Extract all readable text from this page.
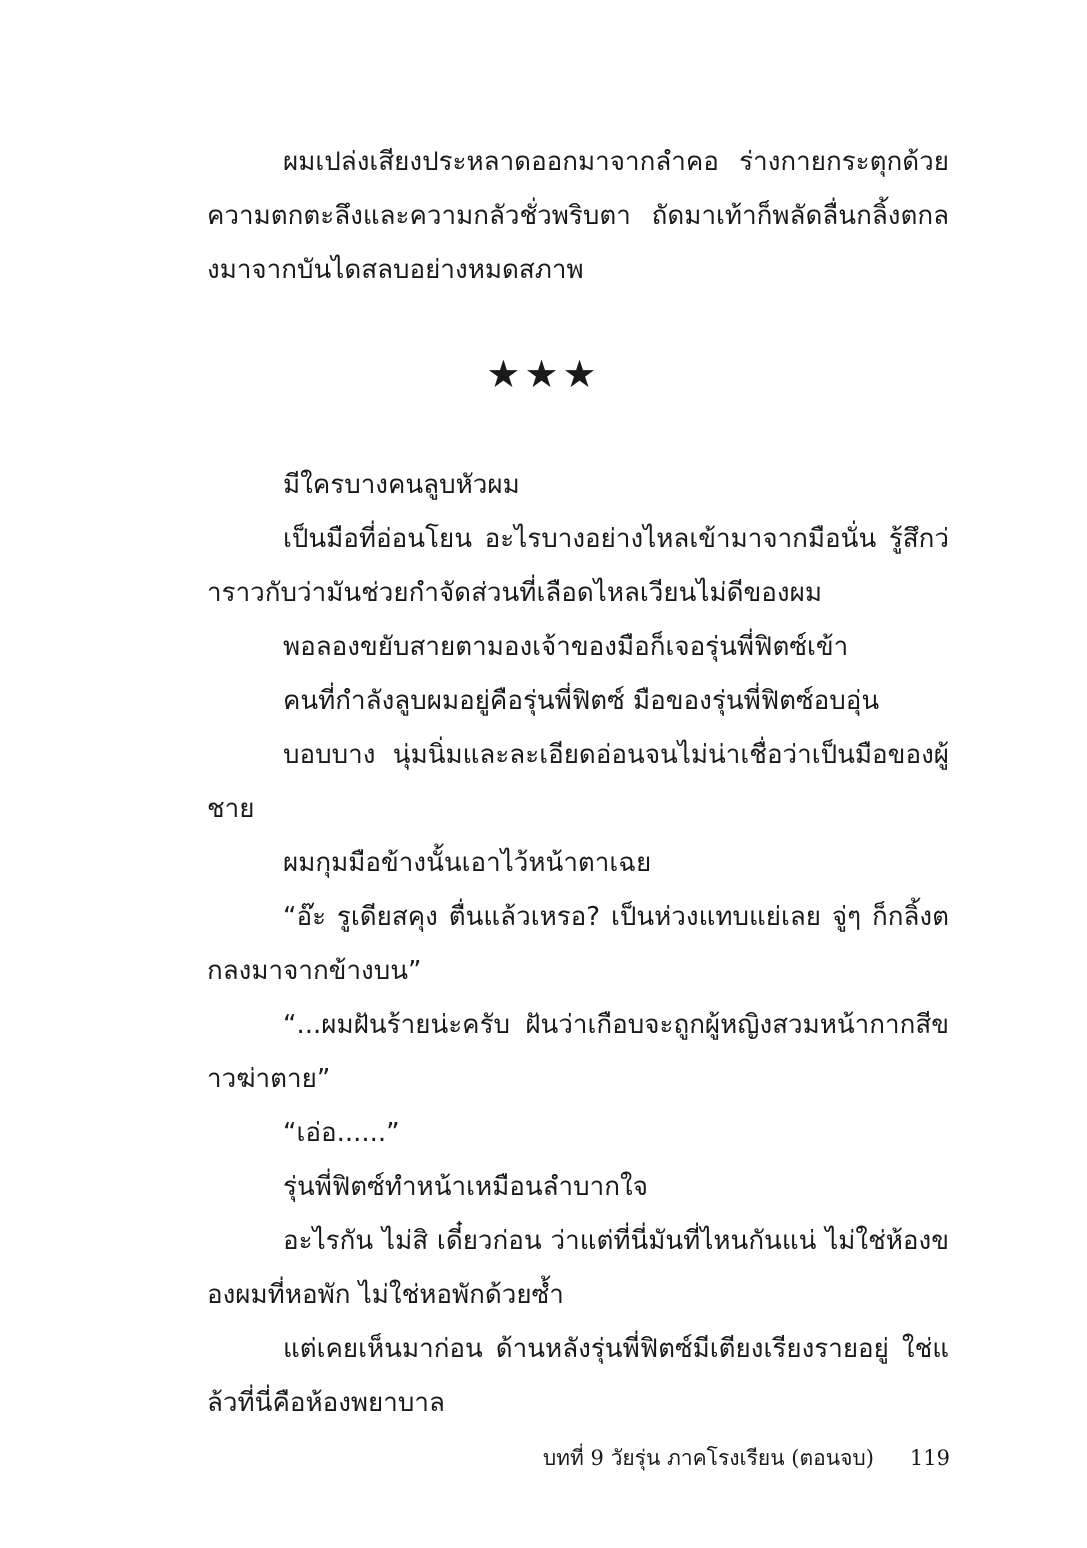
ผมเปล่งเสียงประหลาดออกมาจากลำคอ ร่างกายกระตุกด้วยความตกตะลึงและความกลัวชั่วพริบตา ถัดมาเท้าก็พลัดลื่นกลิ้งตกลงมาจากบันไดสลบอย่างหมดสภาพ

★★★

มีใครบางคนลูบหัวผม

เป็นมือที่อ่อนโยน อะไรบางอย่างไหลเข้ามาจากมือนั่น รู้สึกว่าราวกับว่ามันช่วยกำจัดส่วนที่เลือดไหลเวียนไม่ดีของผม

พอลองขยับสายตามองเจ้าของมือก็เจอรุ่นพี่ฟิตซ์เข้า

คนที่กำลังลูบผมอยู่คือรุ่นพี่ฟิตซ์ มือของรุ่นพี่ฟิตซ์อบอุ่น

บอบบาง นุ่มนิ่มและละเอียดอ่อนจนไม่น่าเชื่อว่าเป็นมือของผู้ชาย

ผมกุมมือข้างนั้นเอาไว้หน้าตาเฉย

“อ๊ะ รูเดียสคุง ตื่นแล้วเหรอ? เป็นห่วงแทบแย่เลย จู่ๆ ก็กลิ้งตกลงมาจากข้างบน”

“...ผมฝันร้ายน่ะครับ ฝันว่าเกือบจะถูกผู้หญิงสวมหน้ากากสีขาวฆ่าตาย”

“เอ่อ......”

รุ่นพี่ฟิตซ์ทำหน้าเหมือนลำบากใจ

อะไรกัน ไม่สิ เดี๋ยวก่อน ว่าแต่ที่นี่มันที่ไหนกันแน่ ไม่ใช่ห้องของผมที่หอพัก ไม่ใช่หอพักด้วยซ้ำ

แต่เคยเห็นมาก่อน ด้านหลังรุ่นพี่ฟิตซ์มีเตียงเรียงรายอยู่ ใช่แล้วที่นี่คือห้องพยาบาล

บทที่ 9 วัยรุ่น ภาคโรงเรียน (ตอนจบ) 119
